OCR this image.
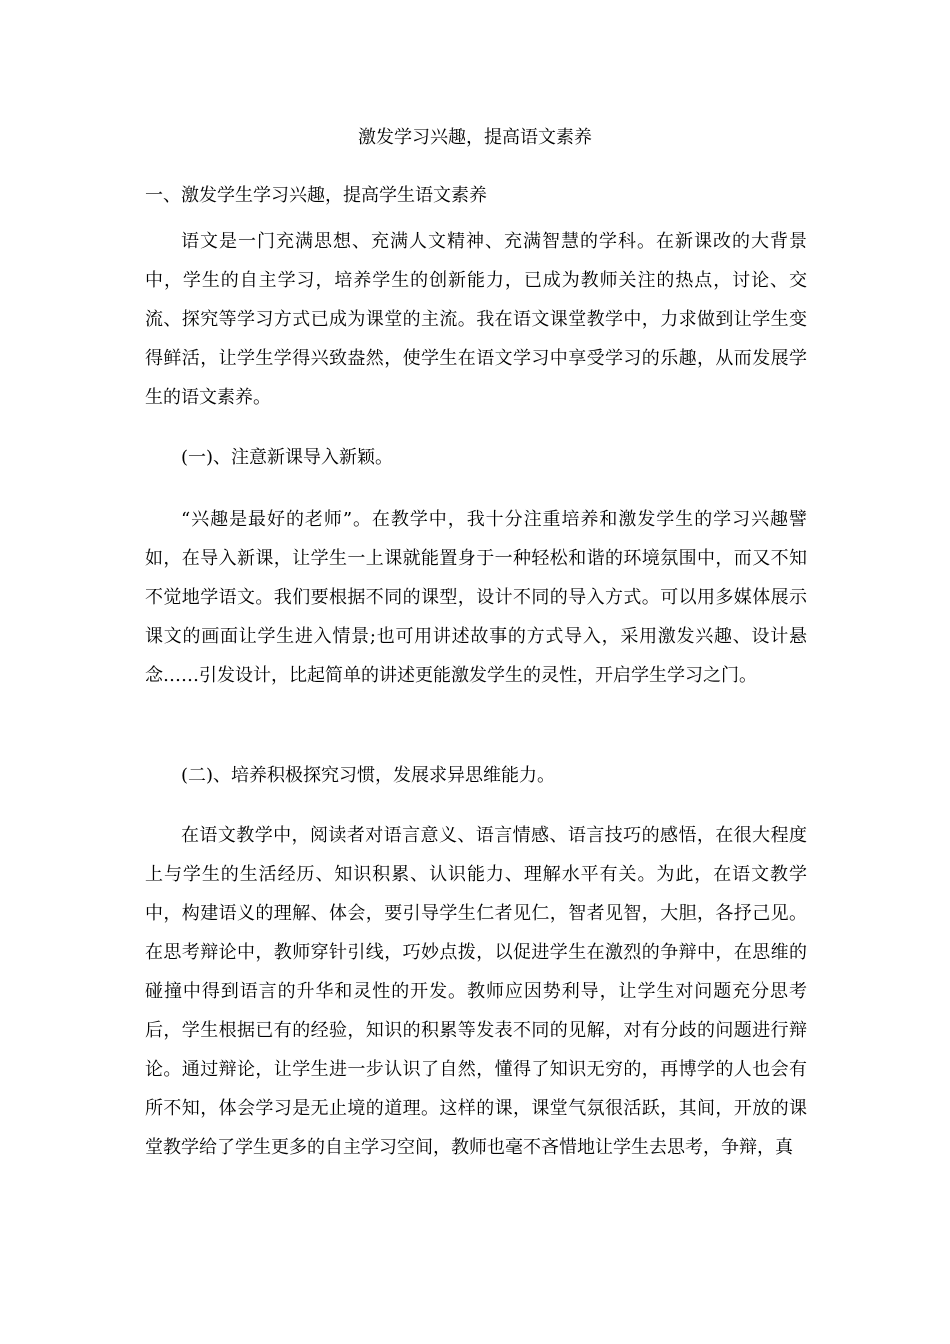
激发学习兴趣，提高语文素养
一、激发学生学习兴趣，提高学生语文素养

语文是一门充满思想、充满人文精神、充满智慧的学科。在新课改的大背景中，学生的自主学习，培养学生的创新能力，已成为教师关注的热点，讨论、交流、探究等学习方式已成为课堂的主流。我在语文课堂教学中，力求做到让学生变得鲜活，让学生学得兴致盎然，使学生在语文学习中享受学习的乐趣，从而发展学生的语文素养。

(一)、注意新课导入新颖。

“兴趣是最好的老师”。在教学中，我十分注重培养和激发学生的学习兴趣譬如，在导入新课，让学生一上课就能置身于一种轻松和谐的环境氛围中，而又不知不觉地学语文。我们要根据不同的课型，设计不同的导入方式。可以用多媒体展示课文的画面让学生进入情景;也可用讲述故事的方式导入，采用激发兴趣、设计悬念……引发设计，比起简单的讲述更能激发学生的灵性，开启学生学习之门。

(二)、培养积极探究习惯，发展求异思维能力。

在语文教学中，阅读者对语言意义、语言情感、语言技巧的感悟，在很大程度上与学生的生活经历、知识积累、认识能力、理解水平有关。为此，在语文教学中，构建语义的理解、体会，要引导学生仁者见仁，智者见智，大胆，各抒己见。在思考辩论中，教师穿针引线，巧妙点拨，以促进学生在激烈的争辩中，在思维的碰撞中得到语言的升华和灵性的开发。教师应因势利导，让学生对问题充分思考后，学生根据已有的经验，知识的积累等发表不同的见解，对有分歧的问题进行辩论。通过辩论，让学生进一步认识了自然，懂得了知识无穷的，再博学的人也会有所不知，体会学习是无止境的道理。这样的课，课堂气氛很活跃，其间，开放的课堂教学给了学生更多的自主学习空间，教师也毫不吝惜地让学生去思考，争辩，真
